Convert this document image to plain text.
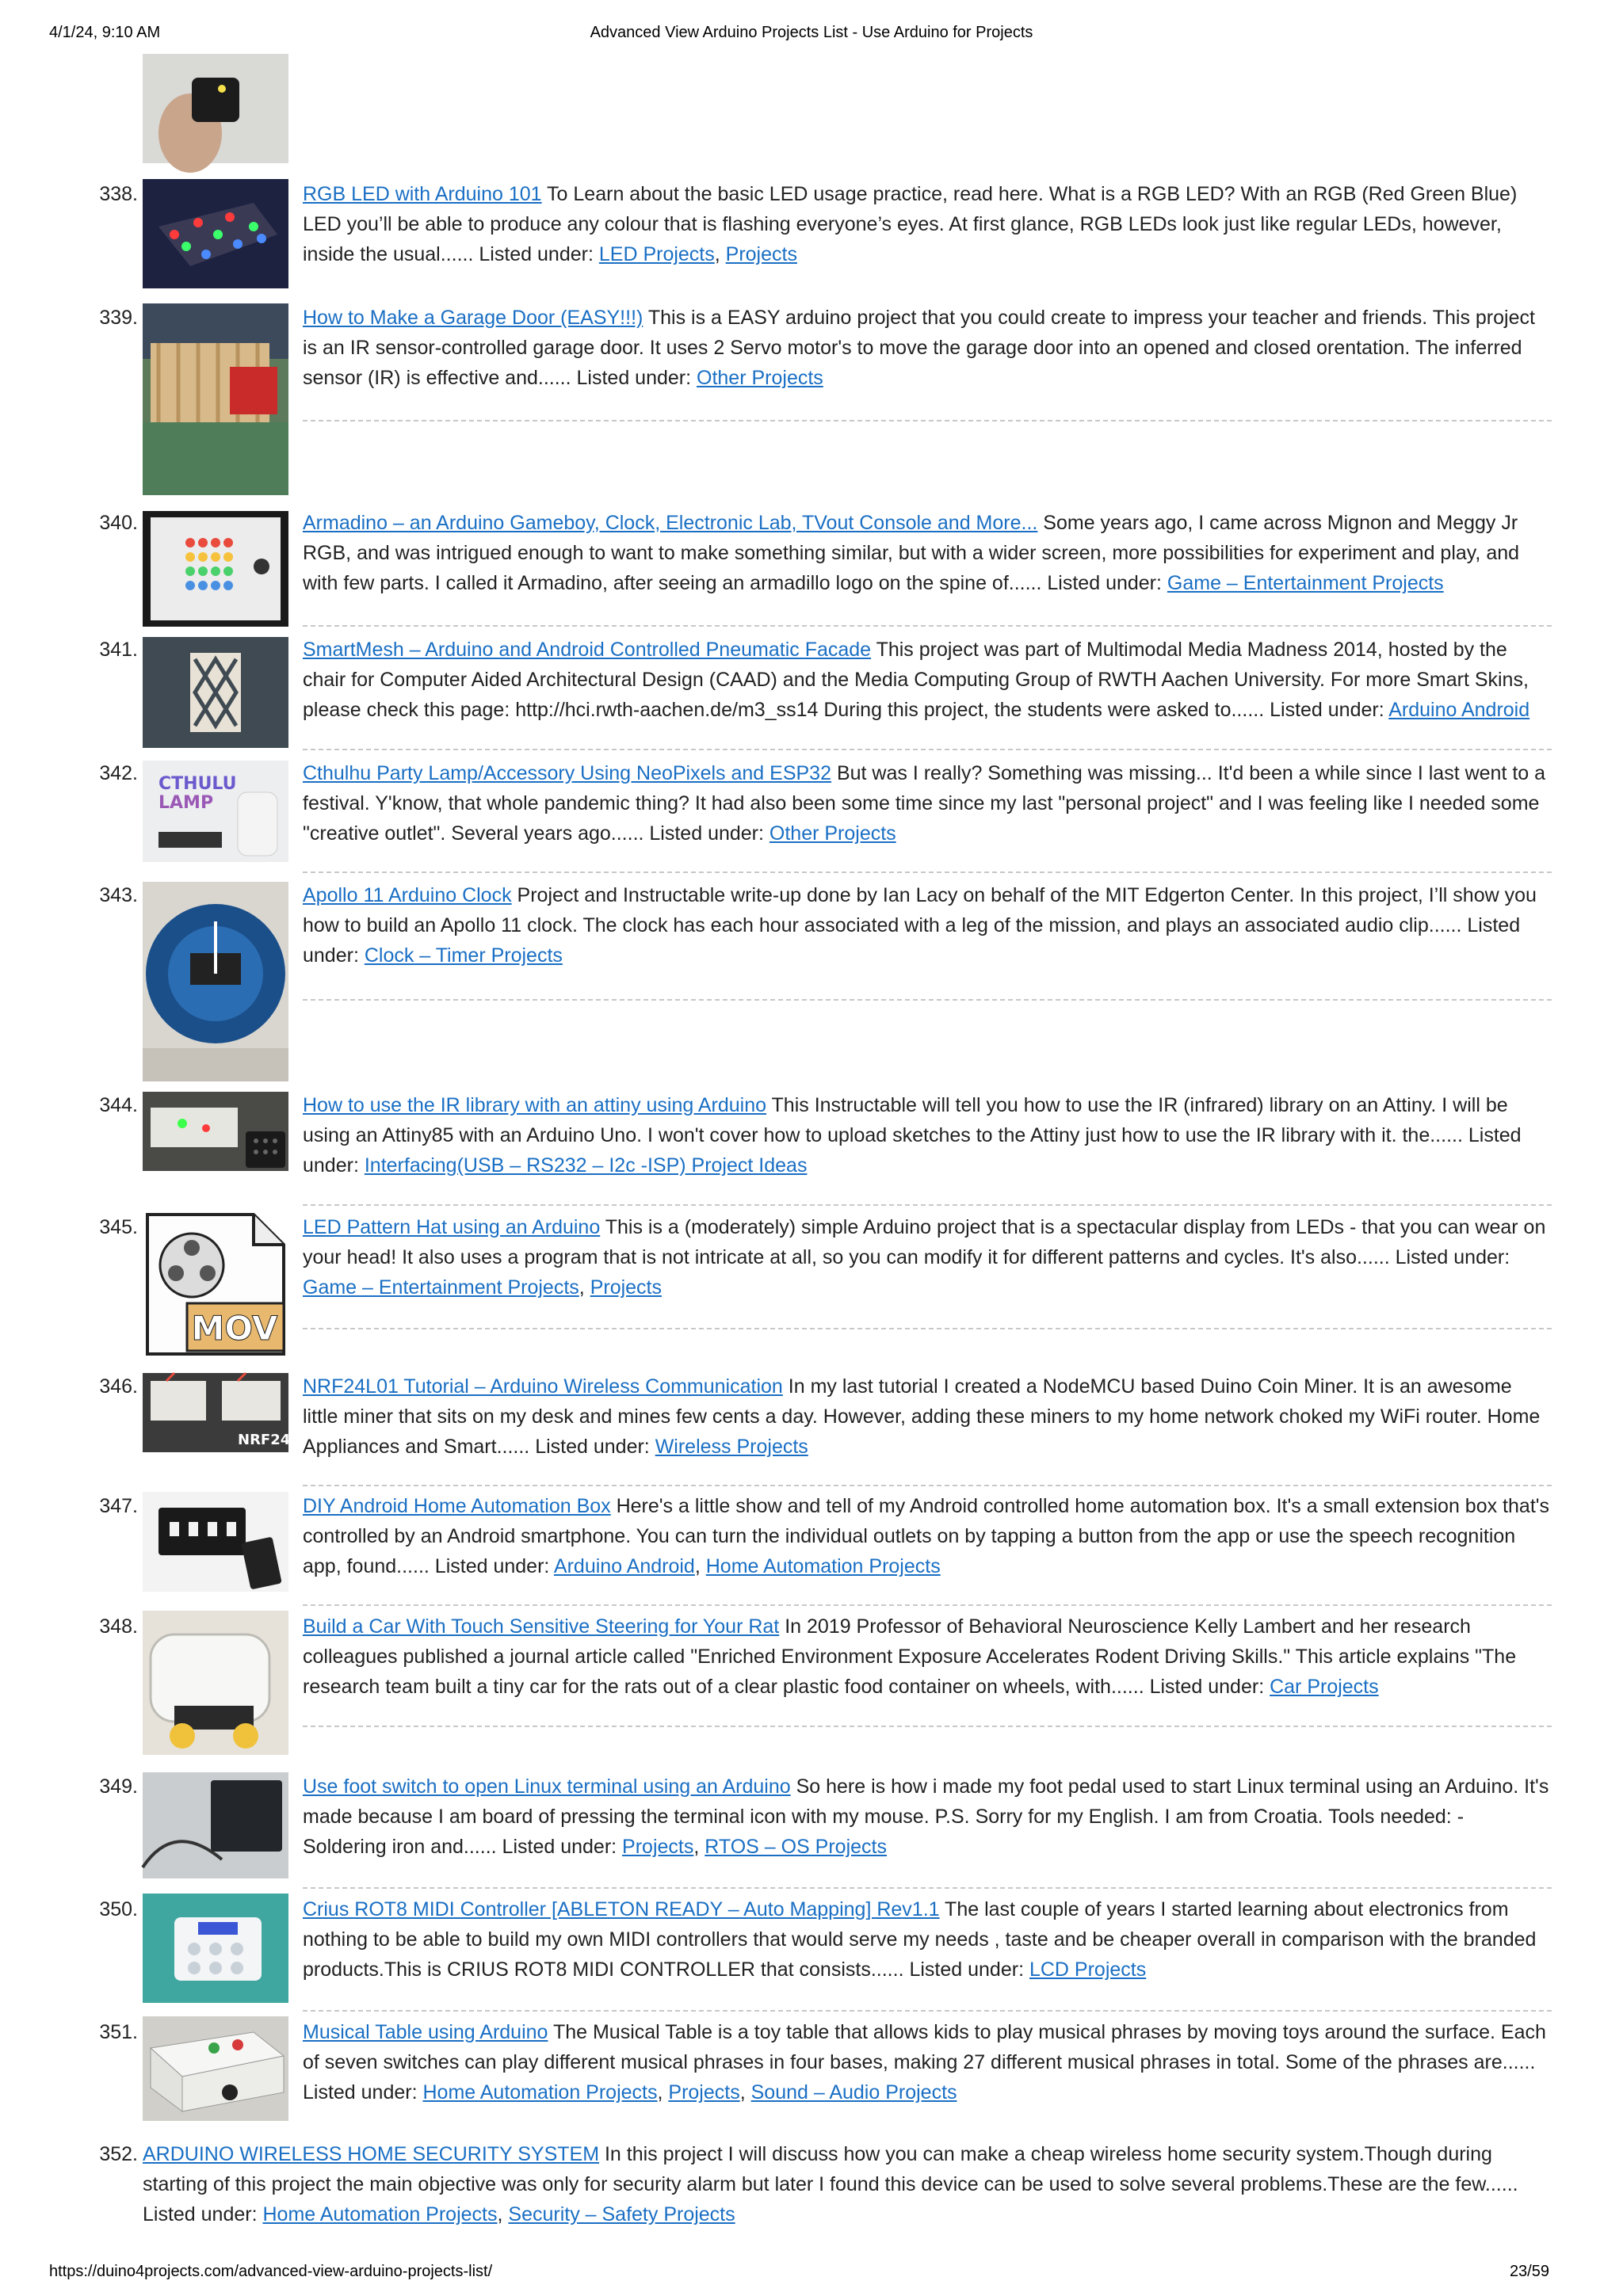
4/1/24, 9:10 AM	Advanced View Arduino Projects List - Use Arduino for Projects
CTHULU
LAMP
MOV
NRF24L01
338.	RGB LED with Arduino 101 To Learn about the basic LED usage practice, read here. What is a RGB LED? With an RGB (Red Green Blue) LED you’ll be able to produce any colour that is flashing everyone’s eyes. At first glance, RGB LEDs look just like regular LEDs, however, inside the usual...... Listed under: LED Projects, Projects
339.	How to Make a Garage Door (EASY!!!) This is a EASY arduino project that you could create to impress your teacher and friends. This project is an IR sensor-controlled garage door. It uses 2 Servo motor's to move the garage door into an opened and closed orentation. The inferred sensor (IR) is effective and...... Listed under: Other Projects
340.	Armadino – an Arduino Gameboy, Clock, Electronic Lab, TVout Console and More... Some years ago, I came across Mignon and Meggy Jr RGB, and was intrigued enough to want to make something similar, but with a wider screen, more possibilities for experiment and play, and with few parts. I called it Armadino, after seeing an armadillo logo on the spine of...... Listed under: Game – Entertainment Projects
341.	SmartMesh – Arduino and Android Controlled Pneumatic Facade This project was part of Multimodal Media Madness 2014, hosted by the chair for Computer Aided Architectural Design (CAAD) and the Media Computing Group of RWTH Aachen University. For more Smart Skins, please check this page: http://hci.rwth-aachen.de/m3_ss14 During this project, the students were asked to...... Listed under: Arduino Android
342.	Cthulhu Party Lamp/Accessory Using NeoPixels and ESP32 But was I really? Something was missing... It'd been a while since I last went to a festival. Y'know, that whole pandemic thing? It had also been some time since my last "personal project" and I was feeling like I needed some "creative outlet". Several years ago...... Listed under: Other Projects
343.	Apollo 11 Arduino Clock Project and Instructable write-up done by Ian Lacy on behalf of the MIT Edgerton Center. In this project, I’ll show you how to build an Apollo 11 clock. The clock has each hour associated with a leg of the mission, and plays an associated audio clip...... Listed under: Clock – Timer Projects
344.	How to use the IR library with an attiny using Arduino This Instructable will tell you how to use the IR (infrared) library on an Attiny. I will be using an Attiny85 with an Arduino Uno. I won't cover how to upload sketches to the Attiny just how to use the IR library with it. the...... Listed under: Interfacing(USB – RS232 – I2c -ISP) Project Ideas
345.	LED Pattern Hat using an Arduino This is a (moderately) simple Arduino project that is a spectacular display from LEDs - that you can wear on your head! It also uses a program that is not intricate at all, so you can modify it for different patterns and cycles. It's also...... Listed under: Game – Entertainment Projects, Projects
346.	NRF24L01 Tutorial – Arduino Wireless Communication In my last tutorial I created a NodeMCU based Duino Coin Miner. It is an awesome little miner that sits on my desk and mines few cents a day. However, adding these miners to my home network choked my WiFi router. Home Appliances and Smart...... Listed under: Wireless Projects
347.	DIY Android Home Automation Box Here's a little show and tell of my Android controlled home automation box. It's a small extension box that's controlled by an Android smartphone. You can turn the individual outlets on by tapping a button from the app or use the speech recognition app, found...... Listed under: Arduino Android, Home Automation Projects
348.	Build a Car With Touch Sensitive Steering for Your Rat In 2019 Professor of Behavioral Neuroscience Kelly Lambert and her research colleagues published a journal article called "Enriched Environment Exposure Accelerates Rodent Driving Skills." This article explains "The research team built a tiny car for the rats out of a clear plastic food container on wheels, with...... Listed under: Car Projects
349.	Use foot switch to open Linux terminal using an Arduino So here is how i made my foot pedal used to start Linux terminal using an Arduino. It's made because I am board of pressing the terminal icon with my mouse. P.S. Sorry for my English. I am from Croatia. Tools needed: - Soldering iron and...... Listed under: Projects, RTOS – OS Projects
350.	Crius ROT8 MIDI Controller [ABLETON READY – Auto Mapping] Rev1.1 The last couple of years I started learning about electronics from nothing to be able to build my own MIDI controllers that would serve my needs , taste and be cheaper overall in comparison with the branded products.This is CRIUS ROT8 MIDI CONTROLLER that consists...... Listed under: LCD Projects
351.	Musical Table using Arduino The Musical Table is a toy table that allows kids to play musical phrases by moving toys around the surface. Each of seven switches can play different musical phrases in four bases, making 27 different musical phrases in total. Some of the phrases are...... Listed under: Home Automation Projects, Projects, Sound – Audio Projects
352. ARDUINO WIRELESS HOME SECURITY SYSTEM In this project I will discuss how you can make a cheap wireless home security system.Though during starting of this project the main objective was only for security alarm but later I found this device can be used to solve several problems.These are the few...... Listed under: Home Automation Projects, Security – Safety Projects
https://duino4projects.com/advanced-view-arduino-projects-list/	23/59
